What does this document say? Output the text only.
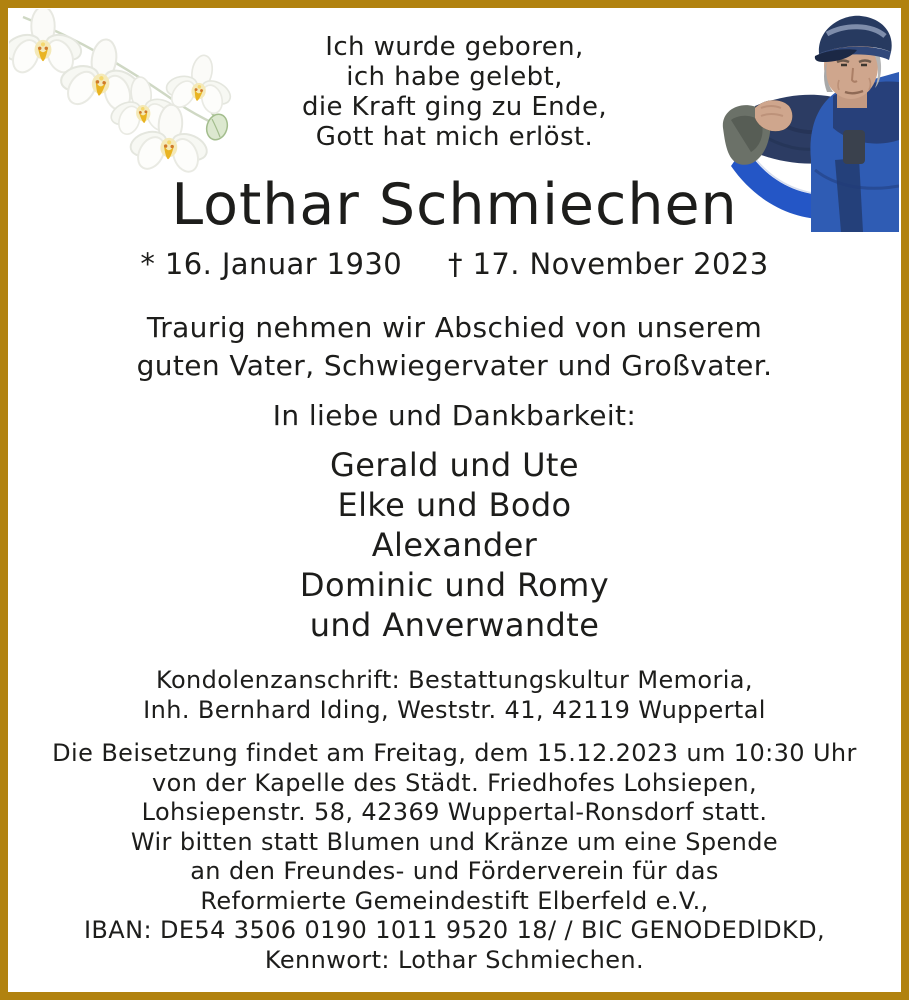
Ich wurde geboren,
ich habe gelebt,
die Kraft ging zu Ende,
Gott hat mich erlöst.
Lothar Schmiechen
* 16. Januar 1930 † 17. November 2023
Traurig nehmen wir Abschied von unserem
guten Vater, Schwiegervater und Großvater.
In liebe und Dankbarkeit:
Gerald und Ute
Elke und Bodo
Alexander
Dominic und Romy
und Anverwandte
Kondolenzanschrift: Bestattungskultur Memoria,
Inh. Bernhard Iding, Weststr. 41, 42119 Wuppertal
Die Beisetzung findet am Freitag, dem 15.12.2023 um 10:30 Uhr
von der Kapelle des Städt. Friedhofes Lohsiepen,
Lohsiepenstr. 58, 42369 Wuppertal-Ronsdorf statt.
Wir bitten statt Blumen und Kränze um eine Spende
an den Freundes- und Förderverein für das
Reformierte Gemeindestift Elberfeld e.V.,
IBAN: DE54 3506 0190 1011 9520 18/ / BIC GENODEDlDKD,
Kennwort: Lothar Schmiechen.
